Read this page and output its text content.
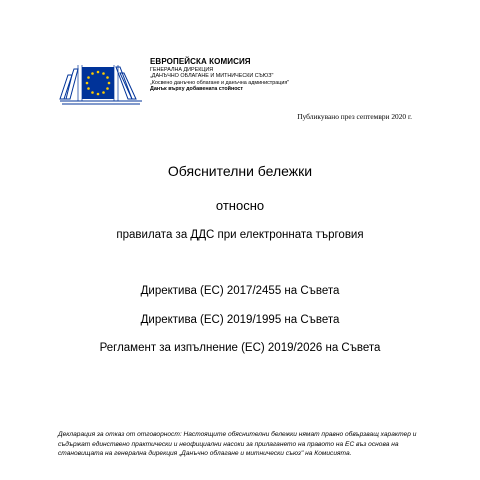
ЕВРОПЕЙСКА КОМИСИЯ
ГЕНЕРАЛНА ДИРЕКЦИЯ
„ДАНЪЧНО ОБЛАГАНЕ И МИТНИЧЕСКИ СЪЮЗ"
„Косвено данъчно облагане и данъчна администрация"
Данък върху добавената стойност
Публикувано през септември 2020 г.
Обяснителни бележки
относно
правилата за ДДС при електронната търговия
Директива (ЕС) 2017/2455 на Съвета
Директива (ЕС) 2019/1995 на Съвета
Регламент за изпълнение (ЕС) 2019/2026 на Съвета
Декларация за отказ от отговорност: Настоящите обяснителни бележки нямат правно обвързващ характер и съдържат единствено практически и неофициални насоки за прилагането на правото на ЕС въз основа на становищата на генерална дирекция „Данъчно облагане и митнически съюз" на Комисията.
